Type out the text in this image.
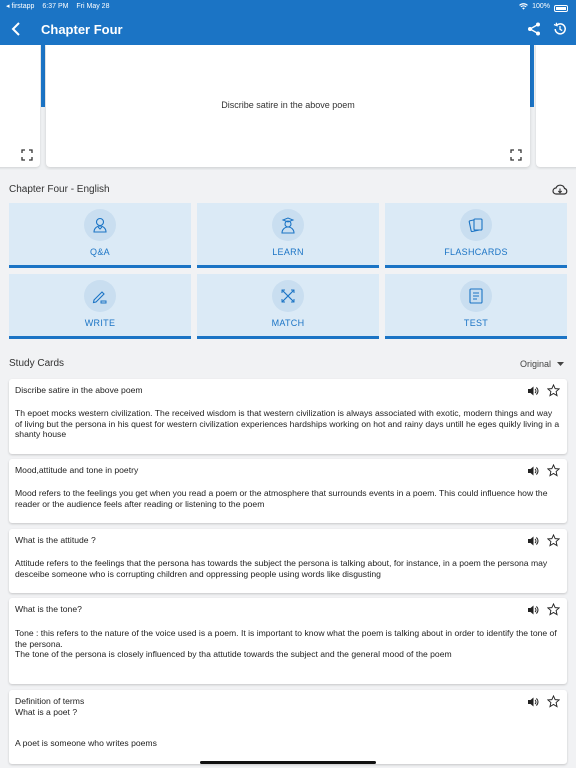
◂ firstapp 6:37 PM Fri May 28	100%
Chapter Four
Discribe satire in the above poem
Chapter Four - English
Q&A	LEARN	FLASHCARDS
WRITE	MATCH	TEST
Study Cards	Original
Discribe satire in the above poem
Th epoet mocks western civilization. The received wisdom is that western civilization is always associated with exotic, modern things and way of living but the persona in his quest for western civilization experiences hardships working on hot and rainy days untill he eges quikly living in a shanty house
Mood,attitude and tone in poetry
Mood refers to the feelings you get when you read a poem or the atmosphere that surrounds events in a poem. This could influence how the reader or the audience feels after reading or listening to the poem
What is the attitude ?
Attitude refers to the feelings that the persona has towards the subject the persona is talking about, for instance, in a poem the persona may desceibe someone who is corrupting children and oppressing people using words like disgusting
What is the tone?
Tone : this refers to the nature of the voice used is a poem. It is important to know what the poem is talking about in order to identify the tone of the persona.
The tone of the persona is closely influenced by tha attutide towards the subject and the general mood of the poem
Definition of terms
What is a poet ?
A poet is someone who writes poems
